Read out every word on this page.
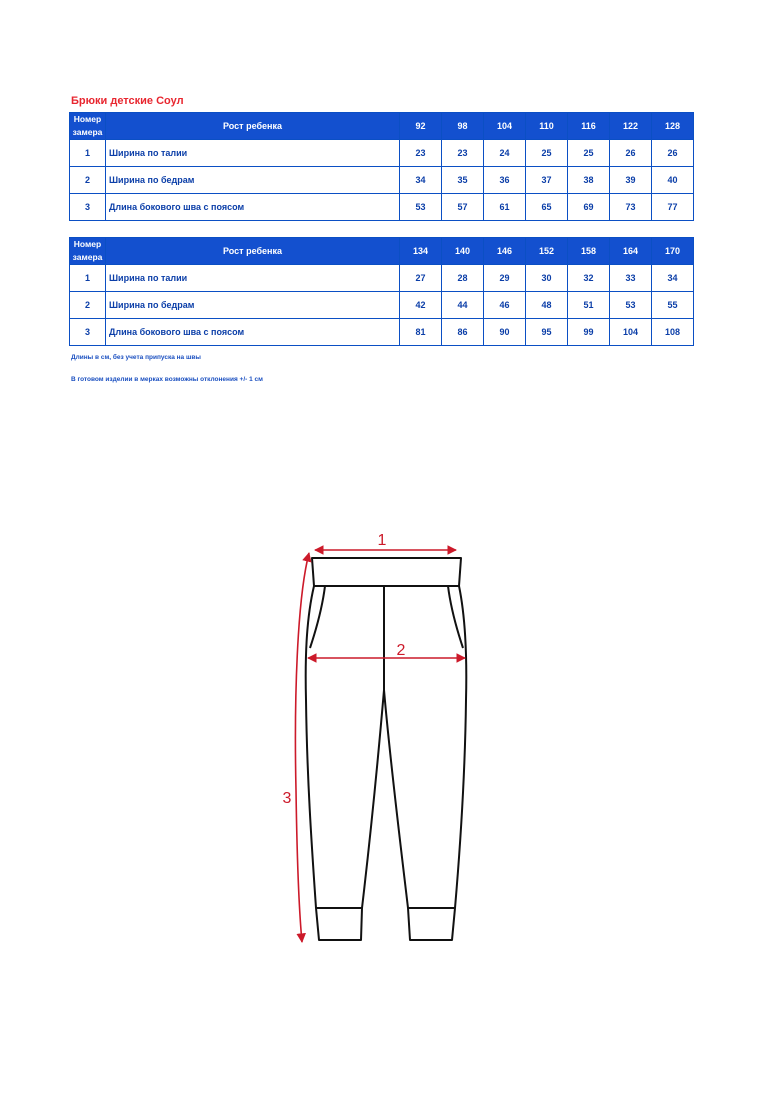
Брюки детские Соул
Номер замера	Рост ребенка	92	98	104	110	116	122	128
1	Ширина по талии	23	23	24	25	25	26	26
2	Ширина по бедрам	34	35	36	37	38	39	40
3	Длина бокового шва с поясом	53	57	61	65	69	73	77
Номер замера	Рост ребенка	134	140	146	152	158	164	170
1	Ширина по талии	27	28	29	30	32	33	34
2	Ширина по бедрам	42	44	46	48	51	53	55
3	Длина бокового шва с поясом	81	86	90	95	99	104	108
Длины в см, без учета припуска на швы
В готовом изделии в мерках возможны отклонения +/- 1 см
1
2
3
